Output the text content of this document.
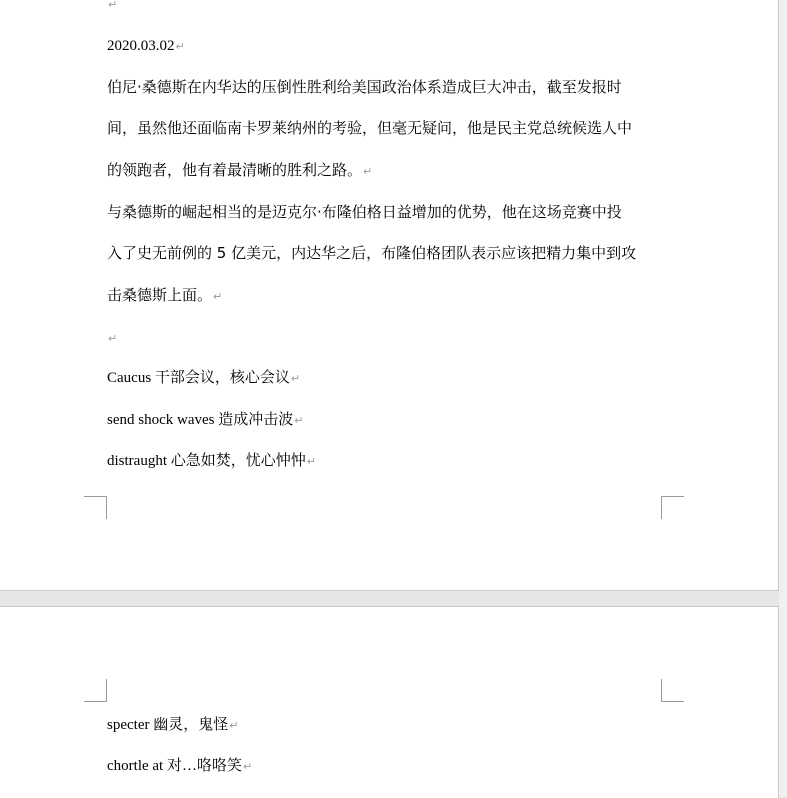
↵
2020.03.02↵
伯尼·桑德斯在内华达的压倒性胜利给美国政治体系造成巨大冲击，截至发报时
间，虽然他还面临南卡罗莱纳州的考验，但毫无疑问，他是民主党总统候选人中
的领跑者，他有着最清晰的胜利之路。↵
与桑德斯的崛起相当的是迈克尔·布隆伯格日益增加的优势，他在这场竞赛中投
入了史无前例的 5 亿美元，内达华之后，布隆伯格团队表示应该把精力集中到攻
击桑德斯上面。↵
↵
Caucus 干部会议，核心会议↵
send shock waves 造成冲击波↵
distraught 心急如焚，忧心忡忡↵
specter 幽灵，鬼怪↵
chortle at 对…咯咯笑↵
